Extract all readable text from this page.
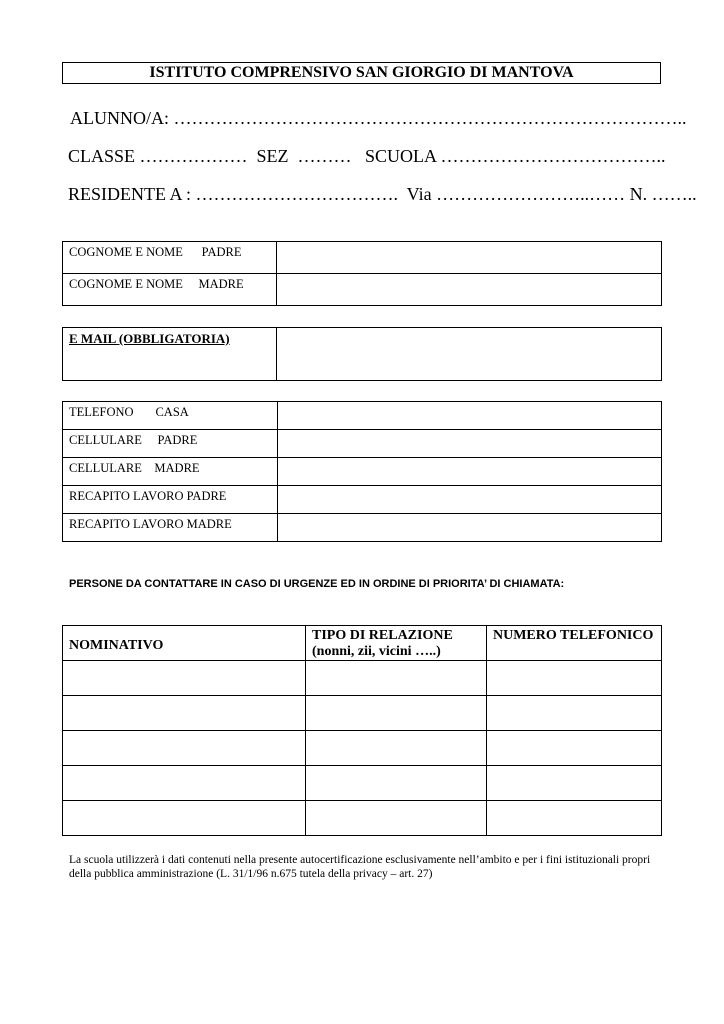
ISTITUTO COMPRENSIVO SAN GIORGIO DI MANTOVA
ALUNNO/A: …………………………………………………………………………..
CLASSE ………………  SEZ  ………   SCUOLA ………………………………..
RESIDENTE A : …………………………….  Via ……………………..…… N. ……..
COGNOME E NOME      PADRE	
COGNOME E NOME     MADRE	
E MAIL (OBBLIGATORIA)	
TELEFONO       CASA	
CELLULARE     PADRE	
CELLULARE    MADRE	
RECAPITO LAVORO PADRE	
RECAPITO LAVORO MADRE	
PERSONE DA CONTATTARE IN CASO DI URGENZE ED IN ORDINE DI PRIORITA’ DI CHIAMATA:
NOMINATIVO	TIPO DI RELAZIONE (nonni, zii, vicini …..)	NUMERO TELEFONICO

La scuola utilizzerà i dati contenuti nella presente autocertificazione esclusivamente nell’ambito e per i fini istituzionali propri della pubblica amministrazione (L. 31/1/96 n.675 tutela della privacy – art. 27)
